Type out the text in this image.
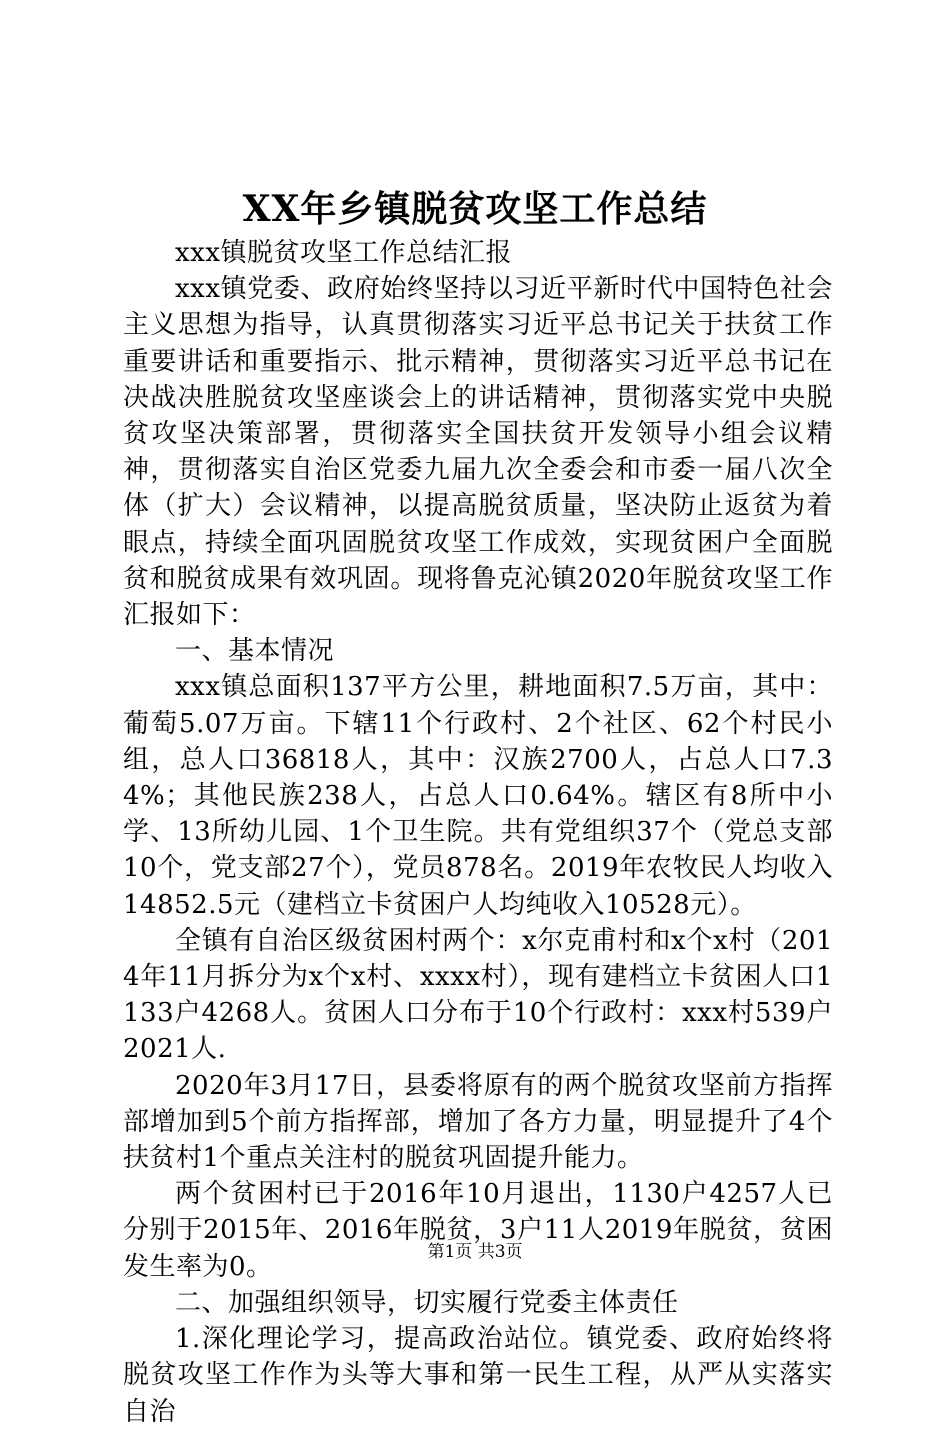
XX年乡镇脱贫攻坚工作总结

xxx镇脱贫攻坚工作总结汇报

xxx镇党委、政府始终坚持以习近平新时代中国特色社会主义思想为指导，认真贯彻落实习近平总书记关于扶贫工作重要讲话和重要指示、批示精神，贯彻落实习近平总书记在决战决胜脱贫攻坚座谈会上的讲话精神，贯彻落实党中央脱贫攻坚决策部署，贯彻落实全国扶贫开发领导小组会议精神，贯彻落实自治区党委九届九次全委会和市委一届八次全体（扩大）会议精神，以提高脱贫质量，坚决防止返贫为着眼点，持续全面巩固脱贫攻坚工作成效，实现贫困户全面脱贫和脱贫成果有效巩固。现将鲁克沁镇2020年脱贫攻坚工作汇报如下：

一、基本情况

xxx镇总面积137平方公里，耕地面积7.5万亩，其中：葡萄5.07万亩。下辖11个行政村、2个社区、62个村民小组，总人口36818人，其中：汉族2700人，占总人口7.34%；其他民族238人，占总人口0.64%。辖区有8所中小学、13所幼儿园、1个卫生院。共有党组织37个（党总支部10个，党支部27个），党员878名。2019年农牧民人均收入14852.5元（建档立卡贫困户人均纯收入10528元）。

全镇有自治区级贫困村两个：x尔克甫村和x个x村（2014年11月拆分为x个x村、xxxx村），现有建档立卡贫困人口1133户4268人。贫困人口分布于10个行政村：xxx村539户2021人.

2020年3月17日，县委将原有的两个脱贫攻坚前方指挥部增加到5个前方指挥部，增加了各方力量，明显提升了4个扶贫村1个重点关注村的脱贫巩固提升能力。

两个贫困村已于2016年10月退出，1130户4257人已分别于2015年、2016年脱贫，3户11人2019年脱贫，贫困发生率为0。

二、加强组织领导，切实履行党委主体责任

1.深化理论学习，提高政治站位。镇党委、政府始终将脱贫攻坚工作作为头等大事和第一民生工程，从严从实落实自治

第1页 共3页
